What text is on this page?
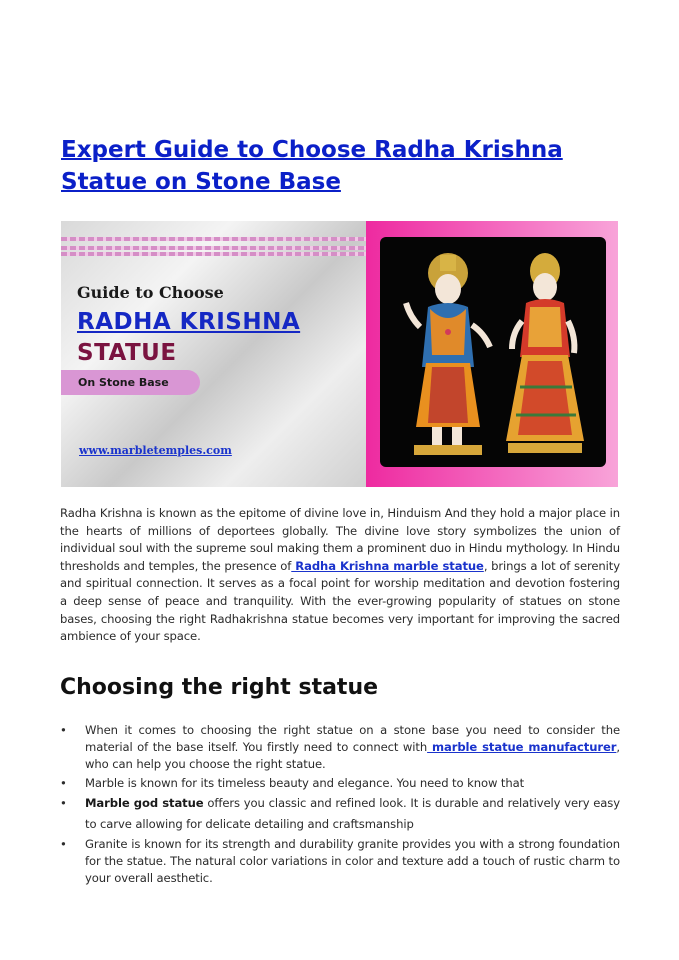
Expert Guide to Choose Radha Krishna Statue on Stone Base
Guide to Choose
RADHA KRISHNA
STATUE
On Stone Base
www.marbletemples.com

Radha Krishna is known as the epitome of divine love in, Hinduism And they hold a major place in the hearts of millions of deportees globally. The divine love story symbolizes the union of individual soul with the supreme soul making them a prominent duo in Hindu mythology. In Hindu thresholds and temples, the presence of Radha Krishna marble statue, brings a lot of serenity and spiritual connection. It serves as a focal point for worship meditation and devotion fostering a deep sense of peace and tranquility. With the ever-growing popularity of statues on stone bases, choosing the right Radhakrishna statue becomes very important for improving the sacred ambience of your space.

Choosing the right statue
• When it comes to choosing the right statue on a stone base you need to consider the material of the base itself. You firstly need to connect with marble statue manufacturer, who can help you choose the right statue.
• Marble is known for its timeless beauty and elegance. You need to know that
• Marble god statue offers you classic and refined look. It is durable and relatively very easy to carve allowing for delicate detailing and craftsmanship
• Granite is known for its strength and durability granite provides you with a strong foundation for the statue. The natural color variations in color and texture add a touch of rustic charm to your overall aesthetic.
